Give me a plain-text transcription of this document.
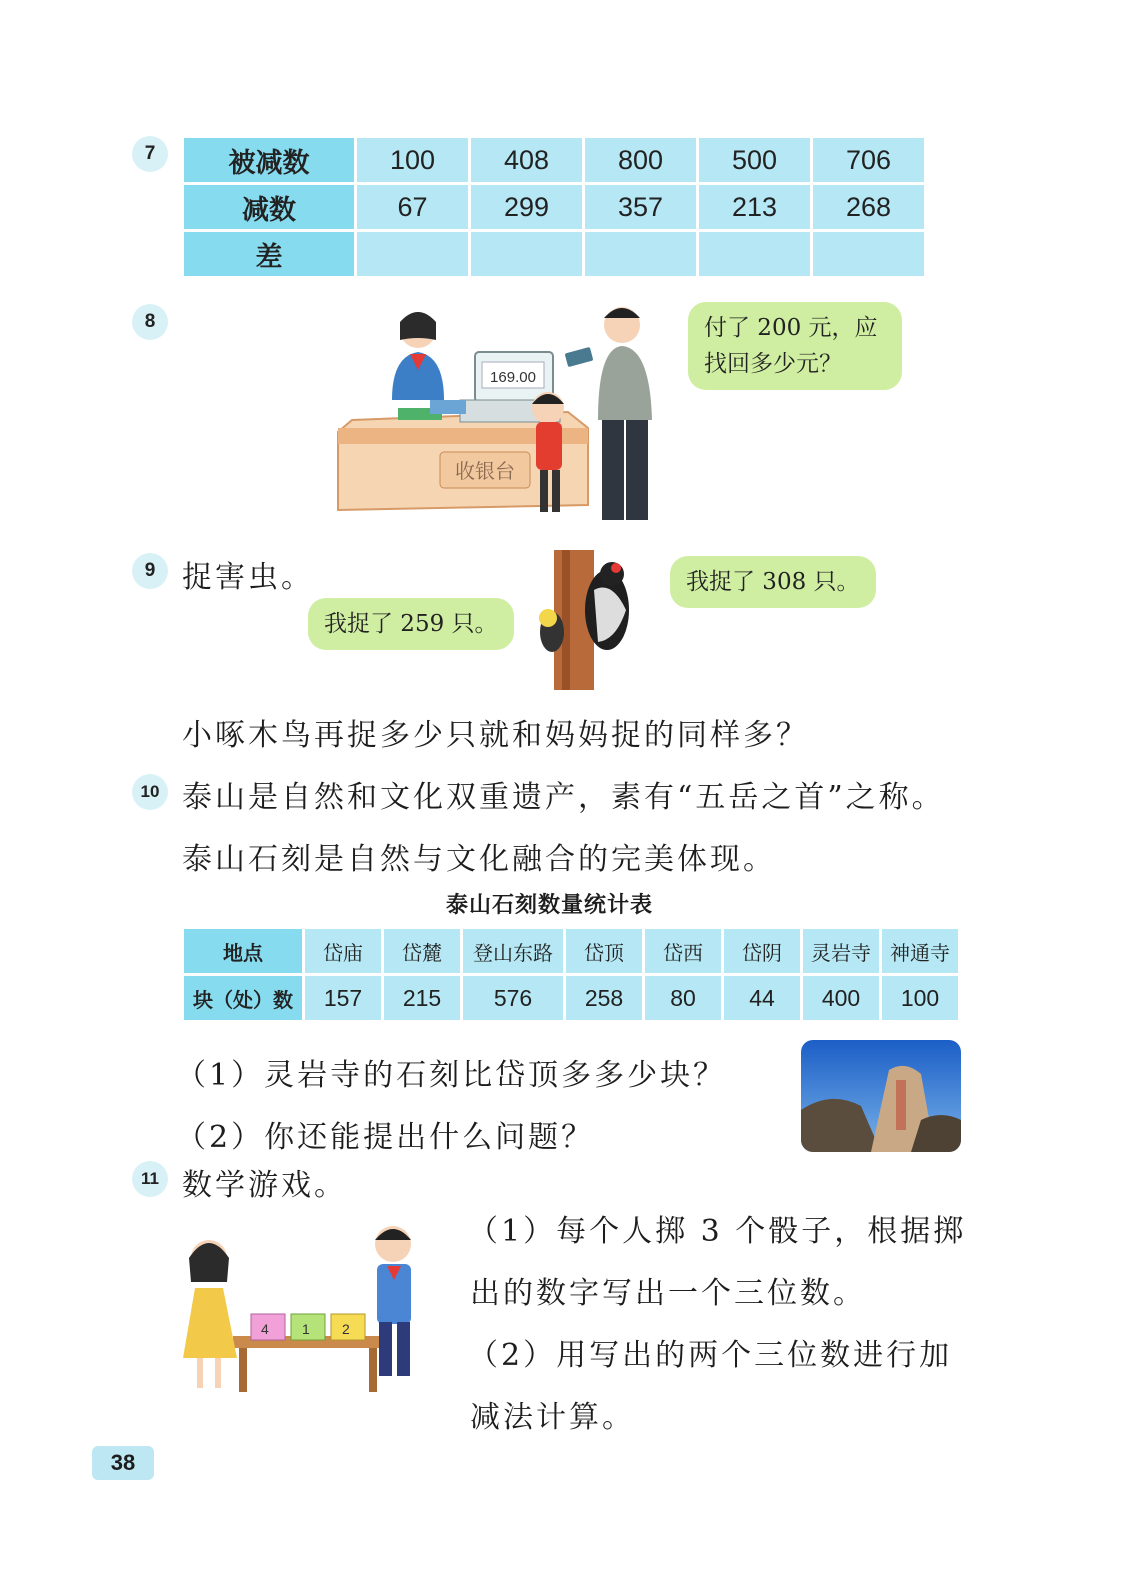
7	被减数	100	408	800	500	706
减数	67	299	357	213	268
差					
8
收银台
169.00
付了 200 元，应找回多少元？
9 捉害虫。	我捉了 308 只。
我捉了 259 只。
小啄木鸟再捉多少只就和妈妈捉的同样多？
10 泰山是自然和文化双重遗产，素有“五岳之首”之称。
泰山石刻是自然与文化融合的完美体现。
泰山石刻数量统计表
地点	岱庙	岱麓	登山东路	岱顶	岱西	岱阴	灵岩寺	神通寺
块（处）数	157	215	576	258	80	44	400	100
（1）灵岩寺的石刻比岱顶多多少块？
（2）你还能提出什么问题？
11 数学游戏。
4 1 2
（1）每个人掷 3 个骰子，根据掷
出的数字写出一个三位数。
（2）用写出的两个三位数进行加
减法计算。
38
